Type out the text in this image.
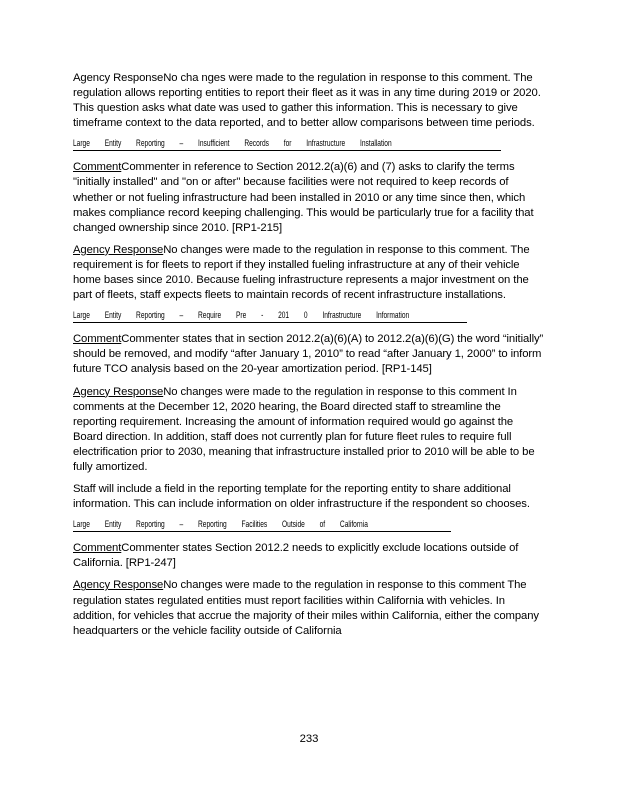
Agency ResponseNo cha nges were made to the regulation in response to this comment. The regulation allows reporting entities to report their fleet as it was in any time during 2019 or 2020. This question asks what date was used to gather this information. This is necessary to give timeframe context to the data reported, and to better allow comparisons between time periods.

Large Entity Reporting – Insufficient Records for Infrastructure Installation

CommentCommenter in reference to Section 2012.2(a)(6) and (7) asks to clarify the terms "initially installed" and "on or after" because facilities were not required to keep records of whether or not fueling infrastructure had been installed in 2010 or any time since then, which makes compliance record keeping challenging. This would be particularly true for a facility that changed ownership since 2010. [RP1-215]

Agency ResponseNo changes were made to the regulation in response to this comment. The requirement is for fleets to report if they installed fueling infrastructure at any of their vehicle home bases since 2010. Because fueling infrastructure represents a major investment on the part of fleets, staff expects fleets to maintain records of recent infrastructure installations.

Large Entity Reporting – Require Pre - 201 0 Infrastructure Information

CommentCommenter states that in section 2012.2(a)(6)(A) to 2012.2(a)(6)(G) the word “initially” should be removed, and modify “after January 1, 2010” to read “after January 1, 2000” to inform future TCO analysis based on the 20-year amortization period. [RP1-145]

Agency ResponseNo changes were made to the regulation in response to this comment In comments at the December 12, 2020 hearing, the Board directed staff to streamline the reporting requirement. Increasing the amount of information required would go against the Board direction. In addition, staff does not currently plan for future fleet rules to require full electrification prior to 2030, meaning that infrastructure installed prior to 2010 will be able to be fully amortized.

Staff will include a field in the reporting template for the reporting entity to share additional information. This can include information on older infrastructure if the respondent so chooses.

Large Entity Reporting – Reporting Facilities Outside of California

CommentCommenter states Section 2012.2 needs to explicitly exclude locations outside of California. [RP1-247]

Agency ResponseNo changes were made to the regulation in response to this comment The regulation states regulated entities must report facilities within California with vehicles. In addition, for vehicles that accrue the majority of their miles within California, either the company headquarters or the vehicle facility outside of California

233
